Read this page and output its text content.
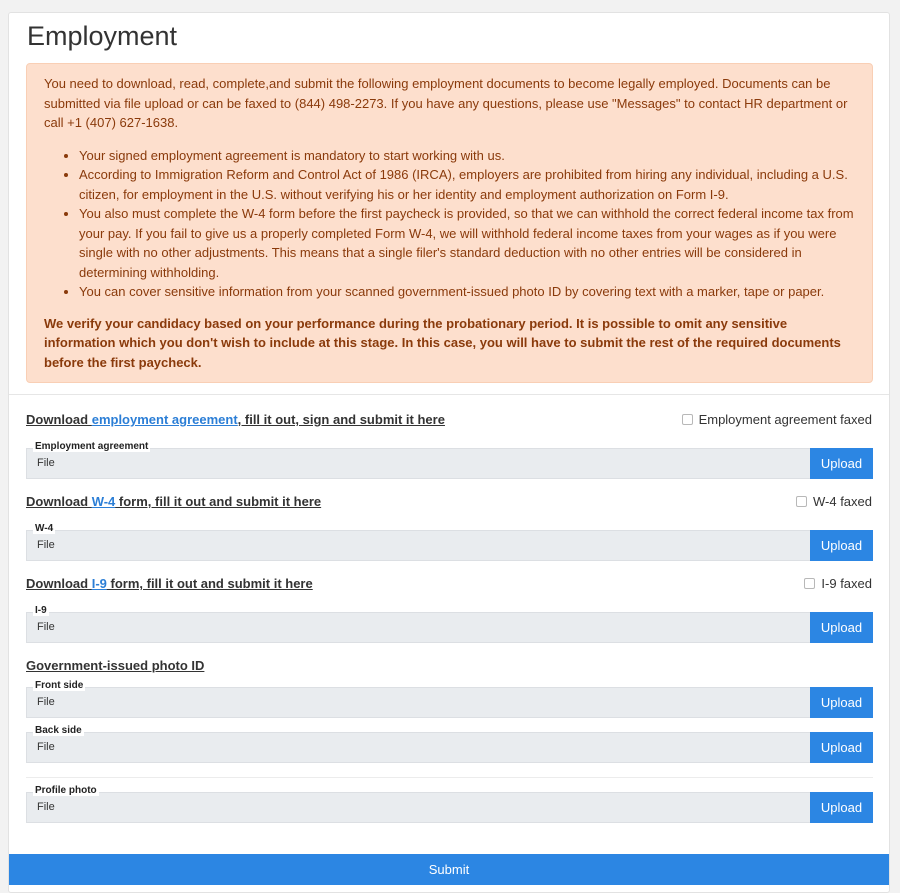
Employment

You need to download, read, complete,and submit the following employment documents to become legally employed. Documents can be submitted via file upload or can be faxed to (844) 498-2273. If you have any questions, please use "Messages" to contact HR department or call +1 (407) 627-1638.

• Your signed employment agreement is mandatory to start working with us.
• According to Immigration Reform and Control Act of 1986 (IRCA), employers are prohibited from hiring any individual, including a U.S. citizen, for employment in the U.S. without verifying his or her identity and employment authorization on Form I-9.
• You also must complete the W-4 form before the first paycheck is provided, so that we can withhold the correct federal income tax from your pay. If you fail to give us a properly completed Form W-4, we will withhold federal income taxes from your wages as if you were single with no other adjustments. This means that a single filer's standard deduction with no other entries will be considered in determining withholding.
• You can cover sensitive information from your scanned government-issued photo ID by covering text with a marker, tape or paper.

We verify your candidacy based on your performance during the probationary period. It is possible to omit any sensitive information which you don't wish to include at this stage. In this case, you will have to submit the rest of the required documents before the first paycheck.

Download employment agreement, fill it out, sign and submit it here	Employment agreement faxed
File
Employment agreement
Upload
Download W-4 form, fill it out and submit it here	W-4 faxed
File
W-4
Upload
Download I-9 form, fill it out and submit it here	I-9 faxed
File
I-9
Upload
Government-issued photo ID
File
Front side
Upload
File
Back side
Upload
File
Profile photo
Upload
Submit
